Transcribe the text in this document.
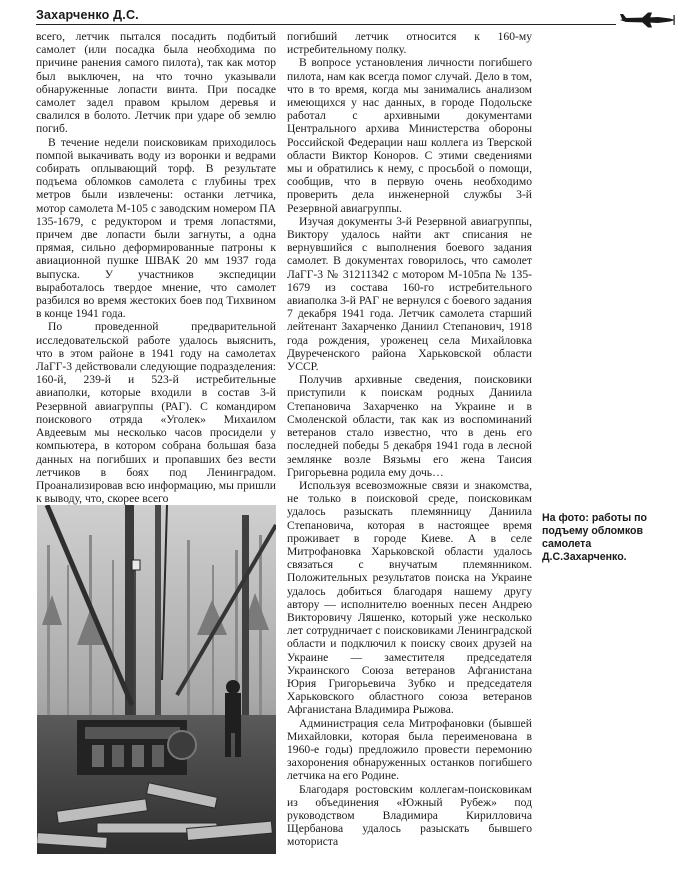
Захарченко Д.С.

всего, летчик пытался посадить подбитый самолет (или посадка была необходима по причине ранения самого пилота), так как мотор был выключен, на что точно указывали обнаруженные лопасти винта. При посадке самолет задел правом крылом деревья и свалился в болото. Летчик при ударе об землю погиб.

В течение недели поисковикам приходилось помпой выкачивать воду из воронки и ведрами собирать оплывающий торф. В результате подъема обломков самолета с глубины трех метров были извлечены: останки летчика, мотор самолета М-105 с заводским номером ПА 135-1679, с редуктором и тремя лопастями, причем две лопасти были загнуты, а одна прямая, сильно деформированные патроны к авиационной пушке ШВАК 20 мм 1937 года выпуска. У участников экспедиции выработалось твердое мнение, что самолет разбился во время жестоких боев под Тихвином в конце 1941 года.

По проведенной предварительной исследовательской работе удалось выяснить, что в этом районе в 1941 году на самолетах ЛаГГ-3 действовали следующие подразделения: 160-й, 239-й и 523-й истребительные авиаполки, которые входили в состав 3-й Резервной авиагруппы (РАГ). С командиром поискового отряда «Уголек» Михаилом Авдеевым мы несколько часов просидели у компьютера, в котором собрана большая база данных на погибших и пропавших без вести летчиков в боях под Ленинградом. Проанализировав всю информацию, мы пришли к выводу, что, скорее всего

погибший летчик относится к 160-му истребительному полку.

В вопросе установления личности погибшего пилота, нам как всегда помог случай. Дело в том, что в то время, когда мы занимались анализом имеющихся у нас данных, в городе Подольске работал с архивными документами Центрального архива Министерства обороны Российской Федерации наш коллега из Тверской области Виктор Коноров. С этими сведениями мы и обратились к нему, с просьбой о помощи, сообщив, что в первую очень необходимо проверить дела инженерной службы 3-й Резервной авиагруппы.

Изучая документы 3-й Резервной авиагруппы, Виктору удалось найти акт списания не вернувшийся с выполнения боевого задания самолет. В документах говорилось, что самолет ЛаГГ-3 № 31211342 с мотором М-105па № 135-1679 из состава 160-го истребительного авиаполка 3-й РАГ не вернулся с боевого задания 7 декабря 1941 года. Летчик самолета старший лейтенант Захарченко Даниил Степанович, 1918 года рождения, уроженец села Михайловка Двуреченского района Харьковской области УССР.

Получив архивные сведения, поисковики приступили к поискам родных Даниила Степановича Захарченко на Украине и в Смоленской области, так как из воспоминаний ветеранов стало известно, что в день его последней победы 5 декабря 1941 года в лесной землянке возле Вязьмы его жена Таисия Григорьевна родила ему дочь…

Используя всевозможные связи и знакомства, не только в поисковой среде, поисковикам удалось разыскать племянницу Даниила Степановича, которая в настоящее время проживает в городе Киеве. А в селе Митрофановка Харьковской области удалось связаться с внучатым племянником. Положительных результатов поиска на Украине удалось добиться благодаря нашему другу автору — исполнителю военных песен Андрею Викторовичу Ляшенко, который уже несколько лет сотрудничает с поисковиками Ленинградской области и подключил к поиску своих друзей на Украине — заместителя председателя Украинского Союза ветеранов Афганистана Юрия Григорьевича Зубко и председателя Харьковского областного союза ветеранов Афганистана Владимира Рыжова.

Администрация села Митрофановки (бывшей Михайловки, которая была переименована в 1960-е годы) предложило провести перемонию захоронения обнаруженных останков погибшего летчика на его Родине.

Благодаря ростовским коллегам-поисковикам из объединения «Южный Рубеж» под руководством Владимира Кирилловича Щербанова удалось разыскать бывшего моториста

На фото: работы по подъему обломков самолета Д.С.Захарченко.
